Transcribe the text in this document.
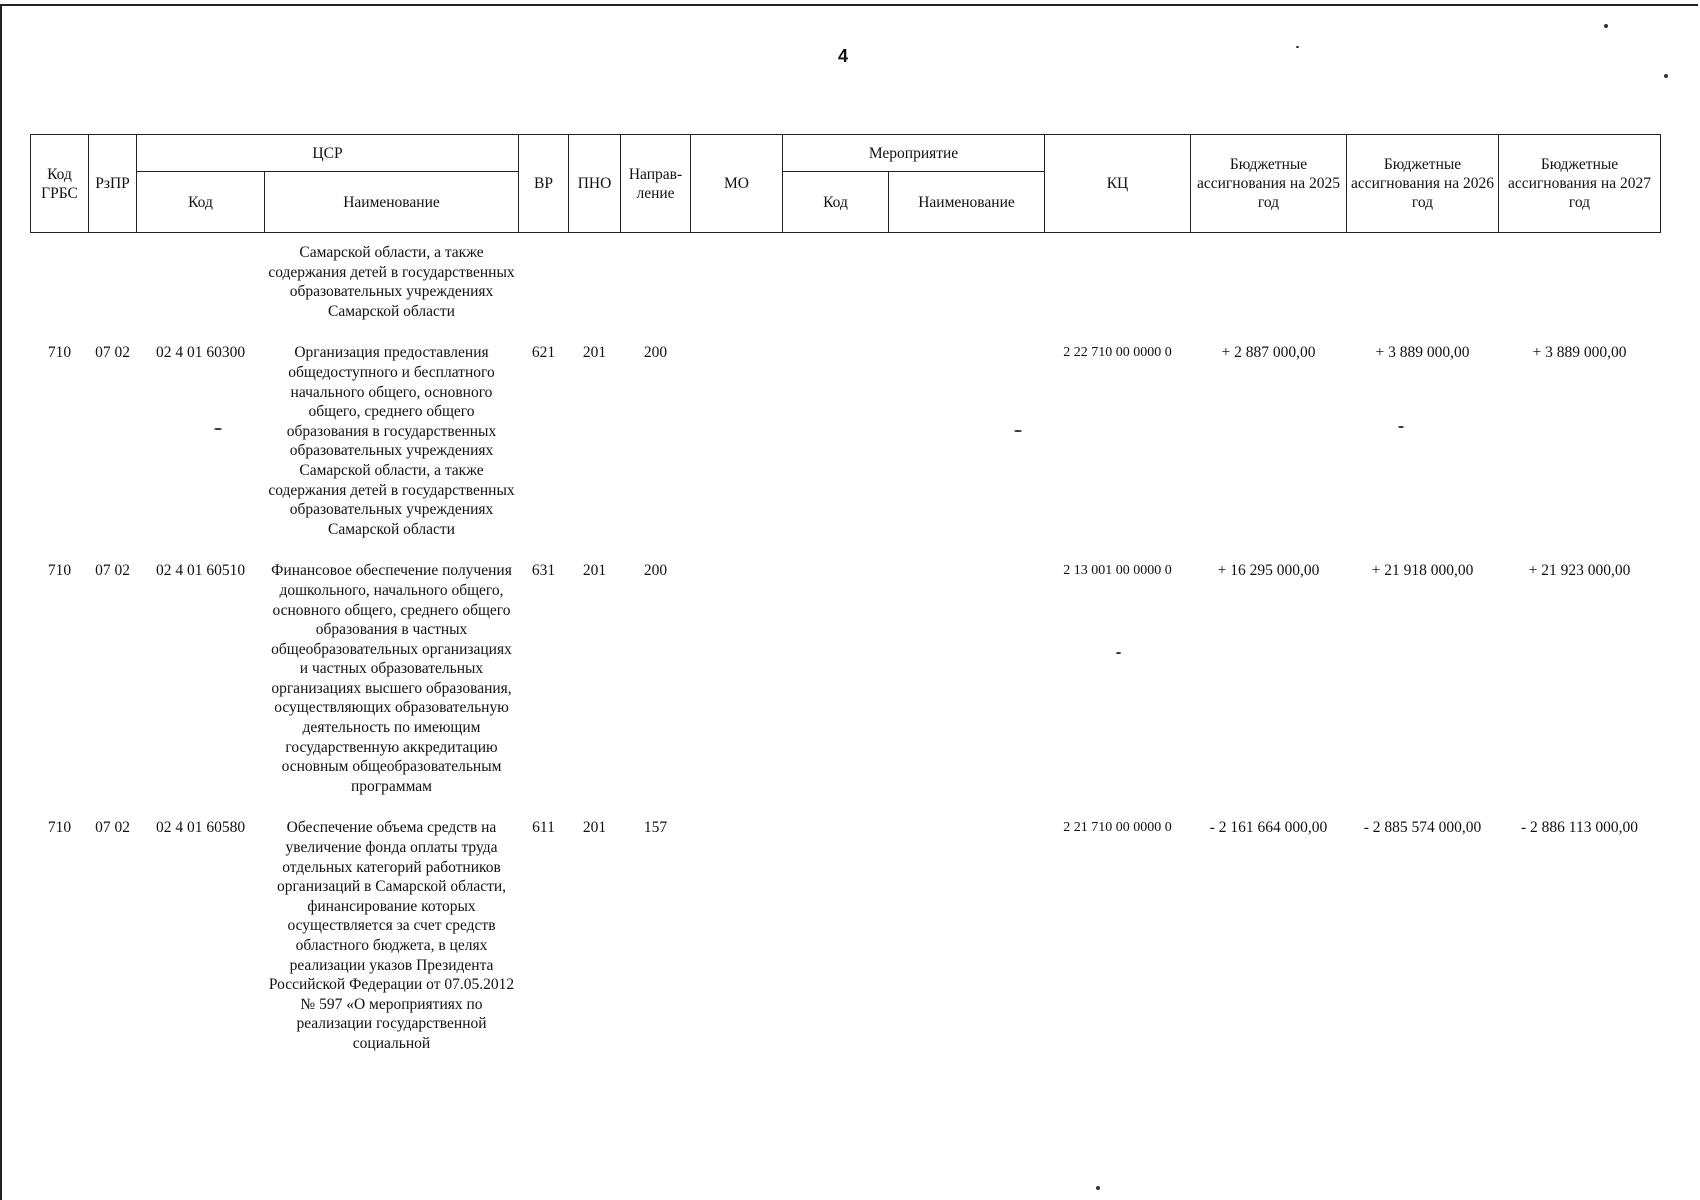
4
Код ГРБС	РзПР	ЦСР		ВР	ПНО	Направ-ление	МО	Мероприятие		КЦ	Бюджетные ассигнования на 2025 год	Бюджетные ассигнования на 2026 год	Бюджетные ассигнования на 2027 год
		Код	Наименование					Код	Наименование				

			Самарской области, а также содержания детей в государственных образовательных учреждениях Самарской области										
710	07 02	02 4 01 60300	Организация предоставления общедоступного и бесплатного начального общего, основного общего, среднего общего образования в государственных образовательных учреждениях Самарской области, а также содержания детей в государственных образовательных учреждениях Самарской области	621	201	200				2 22 710 00 0000 0	+ 2 887 000,00	+ 3 889 000,00	+ 3 889 000,00
710	07 02	02 4 01 60510	Финансовое обеспечение получения дошкольного, начального общего, основного общего, среднего общего образования в частных общеобразовательных организациях и частных образовательных организациях высшего образования, осуществляющих образовательную деятельность по имеющим государственную аккредитацию основным общеобразовательным программам	631	201	200				2 13 001 00 0000 0	+ 16 295 000,00	+ 21 918 000,00	+ 21 923 000,00
710	07 02	02 4 01 60580	Обеспечение объема средств на увеличение фонда оплаты труда отдельных категорий работников организаций в Самарской области, финансирование которых осуществляется за счет средств областного бюджета, в целях реализации указов Президента Российской Федерации от 07.05.2012 № 597 «О мероприятиях по реализации государственной социальной	611	201	157				2 21 710 00 0000 0	- 2 161 664 000,00	- 2 885 574 000,00	- 2 886 113 000,00
